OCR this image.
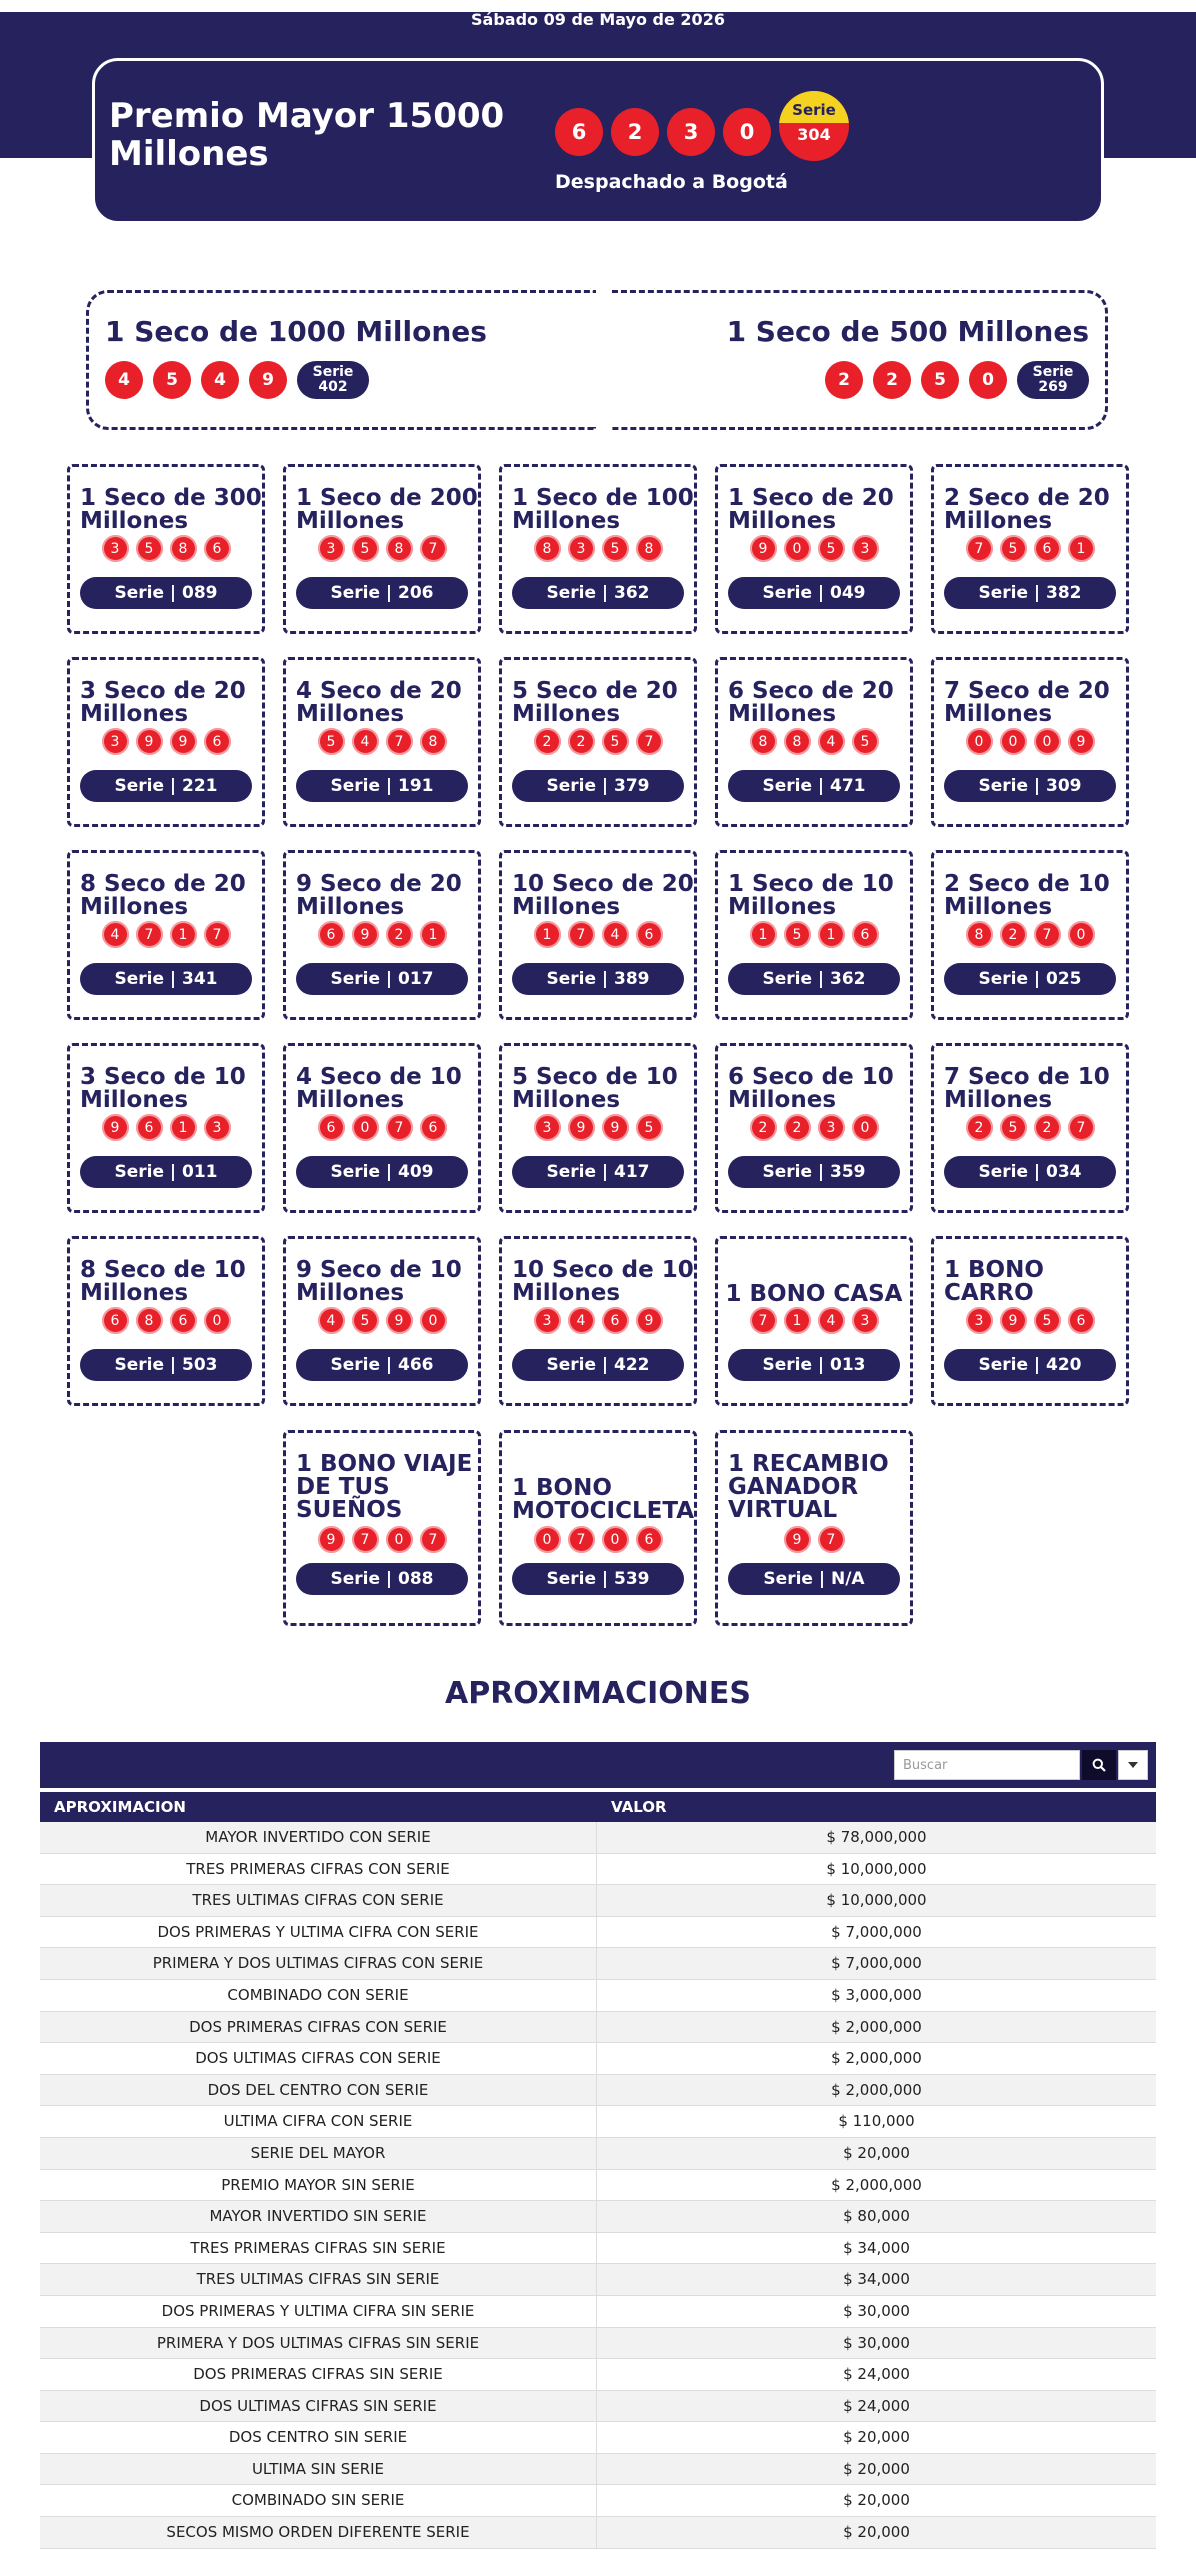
Sábado 09 de Mayo de 2026
Premio Mayor 15000 Millones
6	2	3	0
Serie
304
Despachado a Bogotá
1 Seco de 1000 Millones
4	5	4	9	Serie
402
1 Seco de 500 Millones
2	2	5	0	Serie
269
1 Seco de 300 Millones
3	5	8	6
Serie | 089
1 Seco de 200 Millones
3	5	8	7
Serie | 206
1 Seco de 100 Millones
8	3	5	8
Serie | 362
1 Seco de 20 Millones
9	0	5	3
Serie | 049
2 Seco de 20 Millones
7	5	6	1
Serie | 382
3 Seco de 20 Millones
3	9	9	6
Serie | 221
4 Seco de 20 Millones
5	4	7	8
Serie | 191
5 Seco de 20 Millones
2	2	5	7
Serie | 379
6 Seco de 20 Millones
8	8	4	5
Serie | 471
7 Seco de 20 Millones
0	0	0	9
Serie | 309
8 Seco de 20 Millones
4	7	1	7
Serie | 341
9 Seco de 20 Millones
6	9	2	1
Serie | 017
10 Seco de 20 Millones
1	7	4	6
Serie | 389
1 Seco de 10 Millones
1	5	1	6
Serie | 362
2 Seco de 10 Millones
8	2	7	0
Serie | 025
3 Seco de 10 Millones
9	6	1	3
Serie | 011
4 Seco de 10 Millones
6	0	7	6
Serie | 409
5 Seco de 10 Millones
3	9	9	5
Serie | 417
6 Seco de 10 Millones
2	2	3	0
Serie | 359
7 Seco de 10 Millones
2	5	2	7
Serie | 034
8 Seco de 10 Millones
6	8	6	0
Serie | 503
9 Seco de 10 Millones
4	5	9	0
Serie | 466
10 Seco de 10 Millones
3	4	6	9
Serie | 422
1 BONO CASA
7	1	4	3
Serie | 013
1 BONO CARRO
3	9	5	6
Serie | 420
1 BONO VIAJE DE TUS SUEÑOS
9	7	0	7
Serie | 088
1 BONO MOTOCICLETA
0	7	0	6
Serie | 539
1 RECAMBIO GANADOR VIRTUAL
9	7
Serie | N/A
APROXIMACIONES
Buscar
APROXIMACION	VALOR
MAYOR INVERTIDO CON SERIE	$ 78,000,000
TRES PRIMERAS CIFRAS CON SERIE	$ 10,000,000
TRES ULTIMAS CIFRAS CON SERIE	$ 10,000,000
DOS PRIMERAS Y ULTIMA CIFRA CON SERIE	$ 7,000,000
PRIMERA Y DOS ULTIMAS CIFRAS CON SERIE	$ 7,000,000
COMBINADO CON SERIE	$ 3,000,000
DOS PRIMERAS CIFRAS CON SERIE	$ 2,000,000
DOS ULTIMAS CIFRAS CON SERIE	$ 2,000,000
DOS DEL CENTRO CON SERIE	$ 2,000,000
ULTIMA CIFRA CON SERIE	$ 110,000
SERIE DEL MAYOR	$ 20,000
PREMIO MAYOR SIN SERIE	$ 2,000,000
MAYOR INVERTIDO SIN SERIE	$ 80,000
TRES PRIMERAS CIFRAS SIN SERIE	$ 34,000
TRES ULTIMAS CIFRAS SIN SERIE	$ 34,000
DOS PRIMERAS Y ULTIMA CIFRA SIN SERIE	$ 30,000
PRIMERA Y DOS ULTIMAS CIFRAS SIN SERIE	$ 30,000
DOS PRIMERAS CIFRAS SIN SERIE	$ 24,000
DOS ULTIMAS CIFRAS SIN SERIE	$ 24,000
DOS CENTRO SIN SERIE	$ 20,000
ULTIMA SIN SERIE	$ 20,000
COMBINADO SIN SERIE	$ 20,000
SECOS MISMO ORDEN DIFERENTE SERIE	$ 20,000
